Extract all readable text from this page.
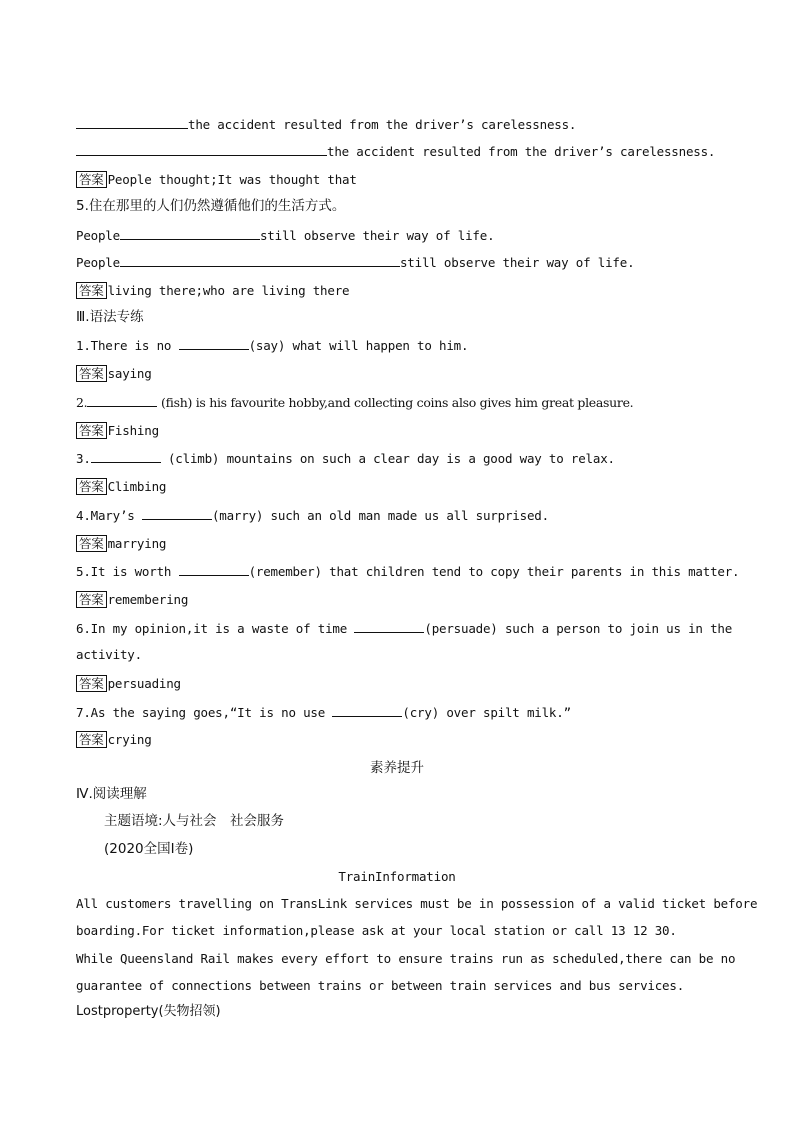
the accident resulted from the driver’s carelessness.
the accident resulted from the driver’s carelessness.
答案 People thought;It was thought that
5.住在那里的人们仍然遵循他们的生活方式。
People	still observe their way of life.
People	still observe their way of life.
答案 living there;who are living there
Ⅲ.语法专练
1.There is no	(say) what will happen to him.
答案 saying
2.	(fish) is his favourite hobby,and collecting coins also gives him great pleasure.
答案 Fishing
3.	(climb) mountains on such a clear day is a good way to relax.
答案 Climbing
4.Mary’s	(marry) such an old man made us all surprised.
答案 marrying
5.It is worth	(remember) that children tend to copy their parents in this matter.
答案 remembering
6.In my opinion,it is a waste of time	(persuade) such a person to join us in the
activity.
答案 persuading
7.As the saying goes,“It is no use	(cry) over spilt milk.”
答案 crying
素养提升
Ⅳ.阅读理解
主题语境:人与社会　社会服务
(2020全国Ⅰ卷)
TrainInformation
All customers travelling on TransLink services must be in possession of a valid ticket before
boarding.For ticket information,please ask at your local station or call 13 12 30.
While Queensland Rail makes every effort to ensure trains run as scheduled,there can be no
guarantee of connections between trains or between train services and bus services.
Lostproperty(失物招领)
